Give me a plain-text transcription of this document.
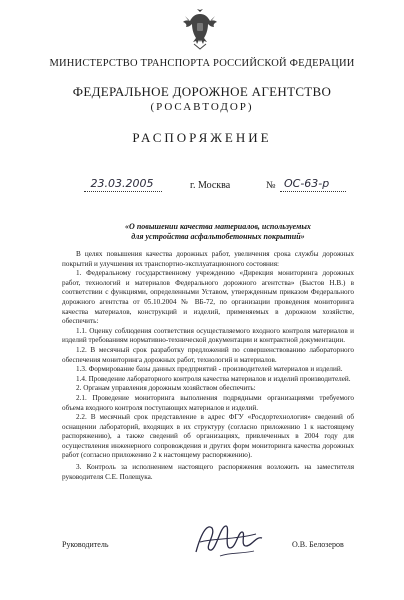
МИНИСТЕРСТВО ТРАНСПОРТА РОССИЙСКОЙ ФЕДЕРАЦИИ
ФЕДЕРАЛЬНОЕ ДОРОЖНОЕ АГЕНТСТВО
(РОСАВТОДОР)
РАСПОРЯЖЕНИЕ
23.03.2005	г. Москва	№ ОС-63-р
«О повышении качества материалов, используемых для устройства асфальтобетонных покрытий»

В целях повышения качества дорожных работ, увеличения срока службы дорожных покрытий и улучшения их транспортно-эксплуатационного состояния:

1. Федеральному государственному учреждению «Дирекция мониторинга дорожных работ, технологий и материалов Федерального дорожного агентства» (Быстов Н.В.) в соответствии с функциями, определенными Уставом, утвержденным приказом Федерального дорожного агентства от 05.10.2004 № ВБ-72, по организации проведения мониторинга качества материалов, конструкций и изделий, применяемых в дорожном хозяйстве, обеспечить:

1.1. Оценку соблюдения соответствия осуществляемого входного контроля материалов и изделий требованиям нормативно-технической документации и контрактной документации.

1.2. В месячный срок разработку предложений по совершенствованию лабораторного обеспечения мониторинга дорожных работ, технологий и материалов.

1.3. Формирование базы данных предприятий - производителей материалов и изделий.

1.4. Проведение лабораторного контроля качества материалов и изделий производителей.

2. Органам управления дорожным хозяйством обеспечить:

2.1. Проведение мониторинга выполнения подрядными организациями требуемого объема входного контроля поступающих материалов и изделий.

2.2. В месячный срок представление в адрес ФГУ «Росдортехнология» сведений об оснащении лабораторий, входящих в их структуру (согласно приложению 1 к настоящему распоряжению), а также сведений об организациях, привлеченных в 2004 году для осуществления инженерного сопровождения и других форм мониторинга качества дорожных работ (согласно приложению 2 к настоящему распоряжению).

3. Контроль за исполнением настоящего распоряжения возложить на заместителя руководителя С.Е. Полещука.

Руководитель	О.В. Белозеров
